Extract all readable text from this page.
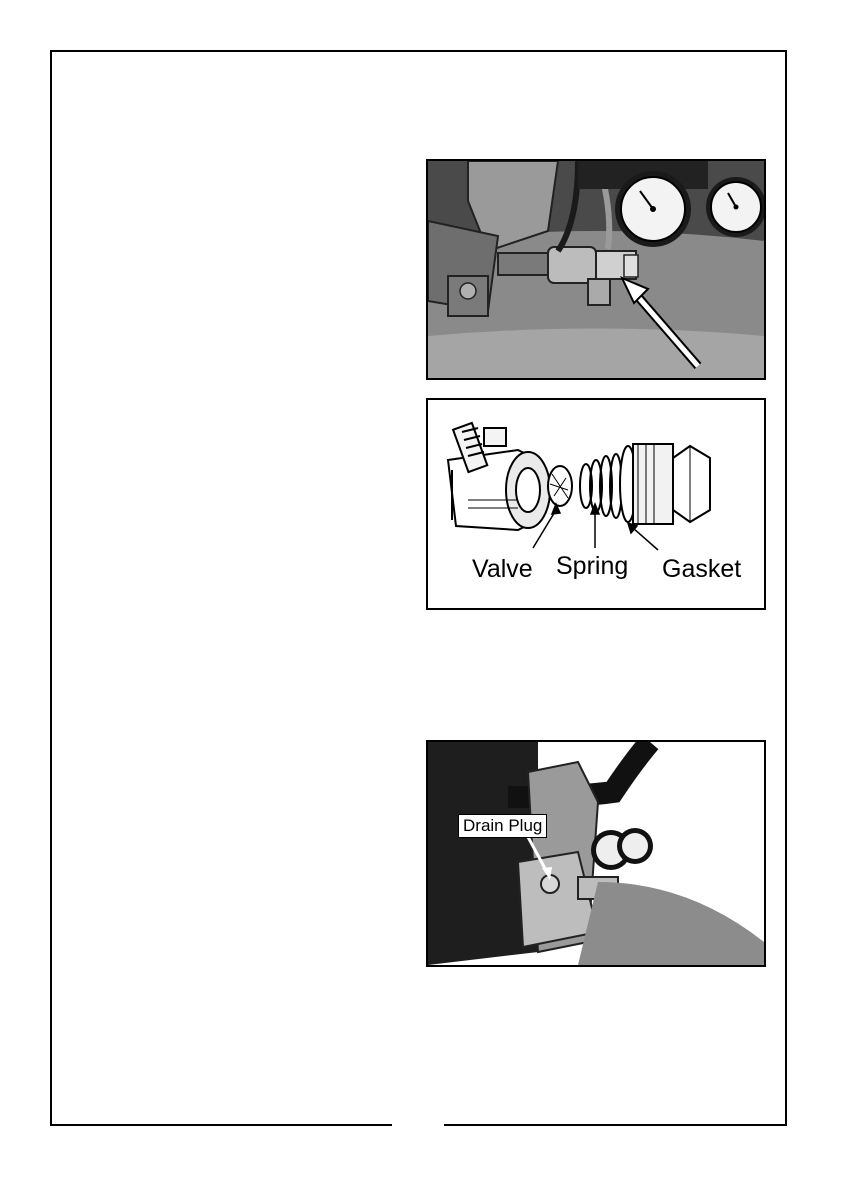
Valve Spring Gasket
Drain Plug
